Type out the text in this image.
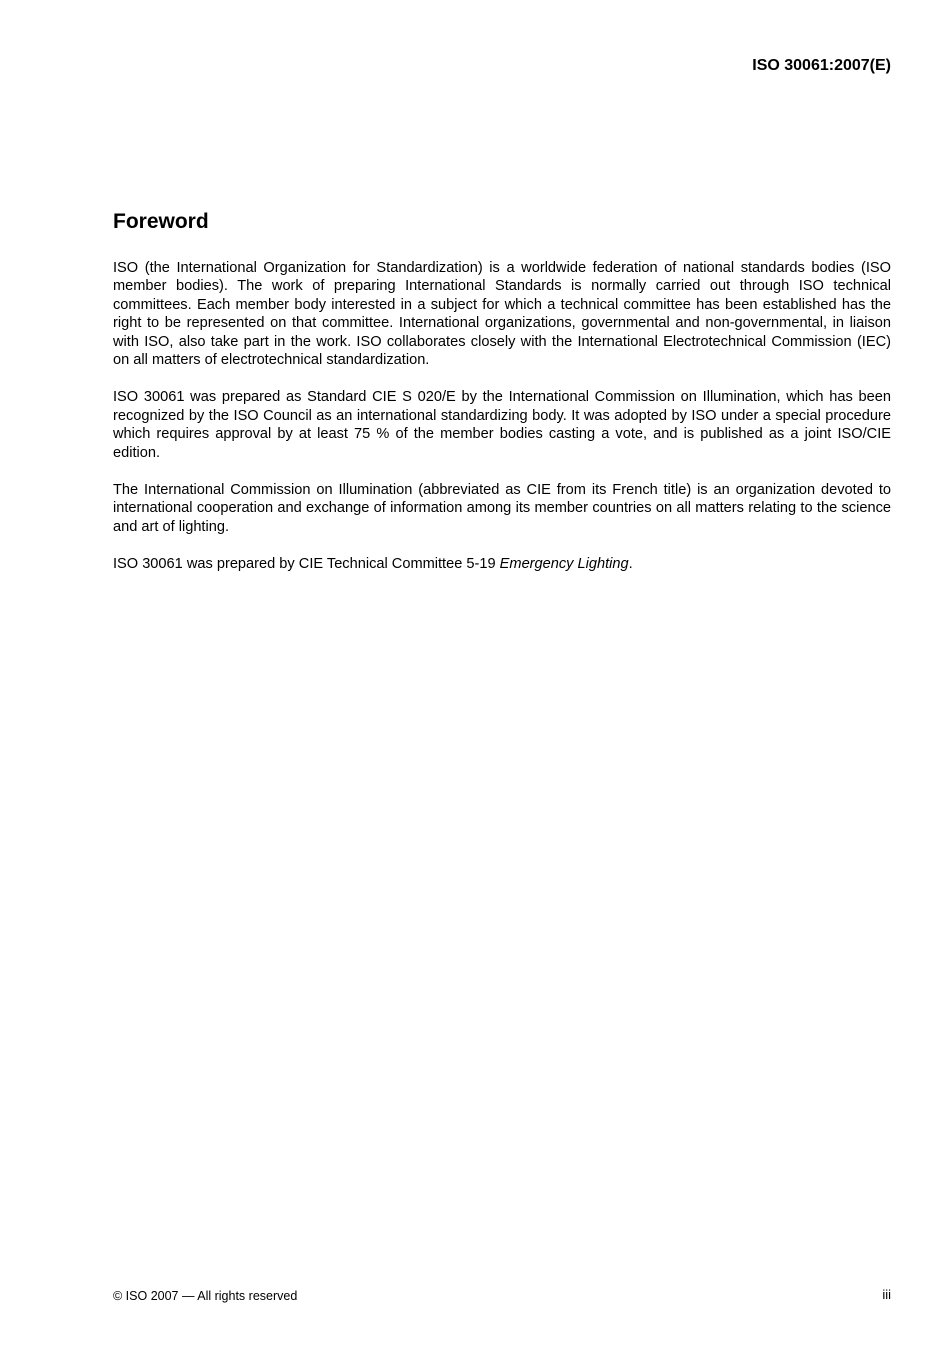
ISO 30061:2007(E)
Foreword

ISO (the International Organization for Standardization) is a worldwide federation of national standards bodies (ISO member bodies). The work of preparing International Standards is normally carried out through ISO technical committees. Each member body interested in a subject for which a technical committee has been established has the right to be represented on that committee. International organizations, governmental and non-governmental, in liaison with ISO, also take part in the work. ISO collaborates closely with the International Electrotechnical Commission (IEC) on all matters of electrotechnical standardization.

ISO 30061 was prepared as Standard CIE S 020/E by the International Commission on Illumination, which has been recognized by the ISO Council as an international standardizing body. It was adopted by ISO under a special procedure which requires approval by at least 75 % of the member bodies casting a vote, and is published as a joint ISO/CIE edition.

The International Commission on Illumination (abbreviated as CIE from its French title) is an organization devoted to international cooperation and exchange of information among its member countries on all matters relating to the science and art of lighting.

ISO 30061 was prepared by CIE Technical Committee 5-19 Emergency Lighting.

© ISO 2007 — All rights reserved	iii
